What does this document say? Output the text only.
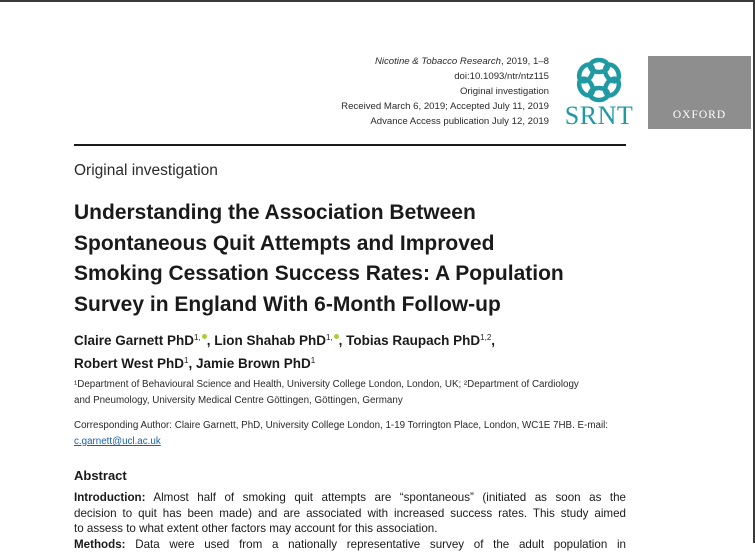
Nicotine & Tobacco Research, 2019, 1–8
doi:10.1093/ntr/ntz115
Original investigation
Received March 6, 2019; Accepted July 11, 2019
Advance Access publication July 12, 2019 SRNT	OXFORD
Original investigation
Understanding the Association Between
Spontaneous Quit Attempts and Improved
Smoking Cessation Success Rates: A Population
Survey in England With 6-Month Follow-up
Claire Garnett PhD$^{1,}$ , Lion Shahab PhD$^{1,}$ , Tobias Raupach PhD$^{1,2}$,
Robert West PhD$^1$, Jamie Brown PhD$^1$
¹Department of Behavioural Science and Health, University College London, London, UK; ²Department of Cardiology
and Pneumology, University Medical Centre Göttingen, Göttingen, Germany
Corresponding Author: Claire Garnett, PhD, University College London, 1-19 Torrington Place, London, WC1E 7HB. E-mail:
c.garnett@ucl.ac.uk
Abstract
Introduction: Almost half of smoking quit attempts are “spontaneous” (initiated as soon as the
decision to quit has been made) and are associated with increased success rates. This study aimed
to assess to what extent other factors may account for this association.
Methods: Data were used from a nationally representative survey of the adult population in
